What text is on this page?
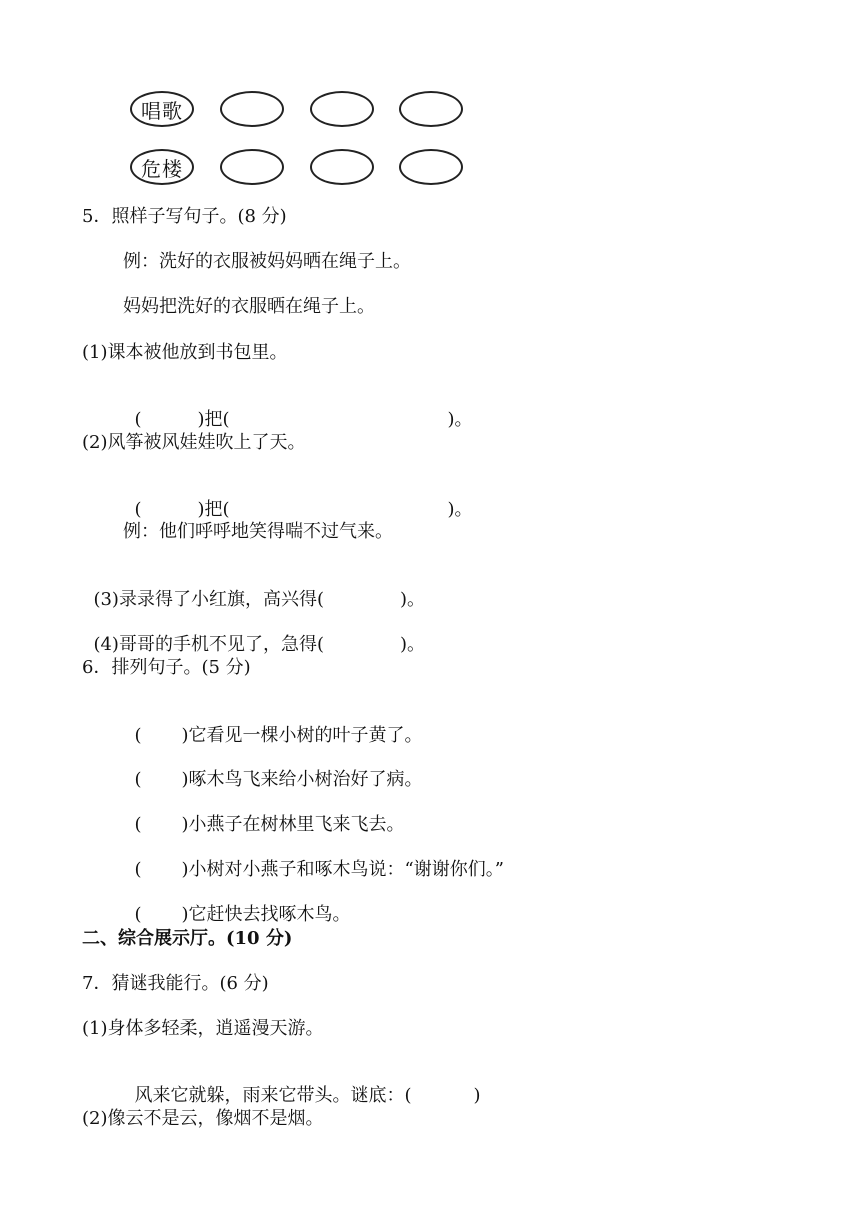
唱歌
危楼
5．照样子写句子。(8 分)
例：洗好的衣服被妈妈晒在绳子上。
妈妈把洗好的衣服晒在绳子上。
(1)课本被他放到书包里。

(	)把(	)。

(2)风筝被风娃娃吹上了天。

(	)把(	)。

例：他们呼呼地笑得喘不过气来。

(3)录录得了小红旗，高兴得(	)。

(4)哥哥的手机不见了，急得(	)。

6．排列句子。(5 分)

( )它看见一棵小树的叶子黄了。

( )啄木鸟飞来给小树治好了病。

( )小燕子在树林里飞来飞去。

( )小树对小燕子和啄木鸟说：“谢谢你们。”

( )它赶快去找啄木鸟。

二、综合展示厅。(10 分)
7．猜谜我能行。(6 分)
(1)身体多轻柔，逍遥漫天游。

风来它就躲，雨来它带头。谜底：(	)

(2)像云不是云，像烟不是烟。
